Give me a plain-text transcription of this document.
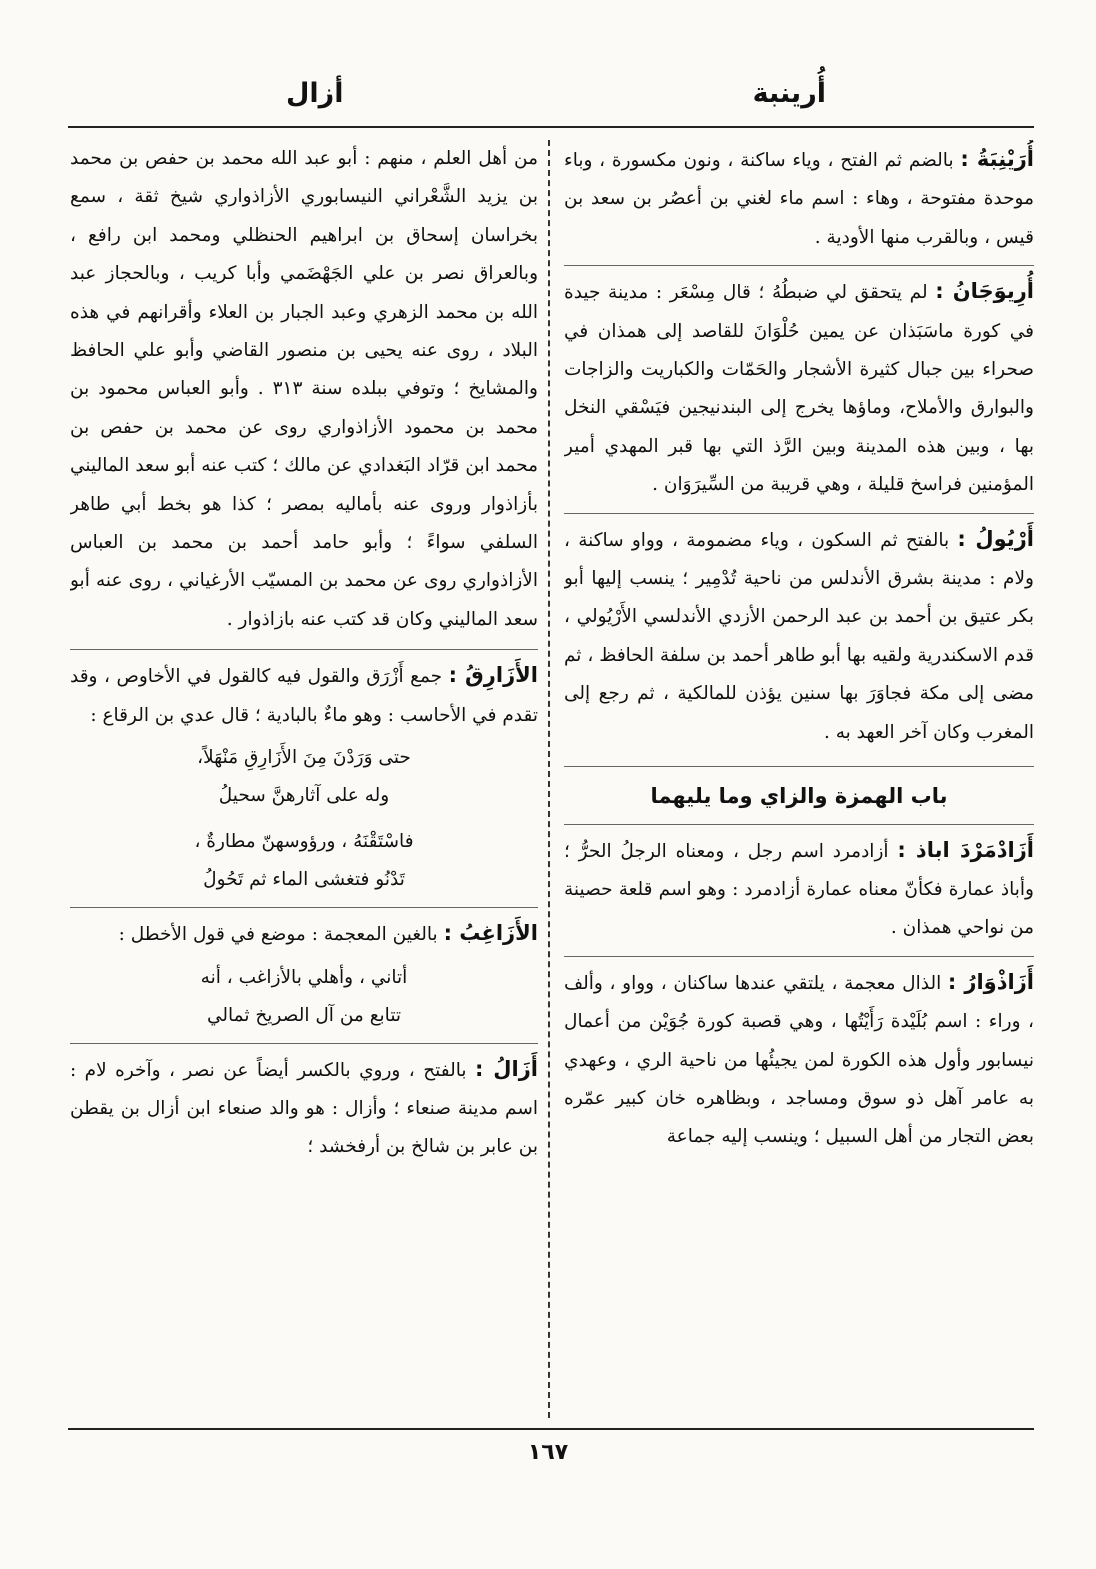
أُرينبة
أزال
أُرَيْنِبَةُ : بالضم ثم الفتح ، وياء ساكنة ، ونون مكسورة ، وباء موحدة مفتوحة ، وهاء : اسم ماء لغني بن أعصُر بن سعد بن قيس ، وبالقرب منها الأودية .
أُرِيوَجَانُ : لم يتحقق لي ضبطُهُ ؛ قال مِسْعَر : مدينة جيدة في كورة ماسَبَذان عن يمين حُلْوَانَ للقاصد إلى همذان في صحراء بين جبال كثيرة الأشجار والحَمّات والكباريت والزاجات والبوارق والأملاح، وماؤها يخرج إلى البندنيجين فيَسْقي النخل بها ، وبين هذه المدينة وبين الرَّذ التي بها قبر المهدي أمير المؤمنين فراسخ قليلة ، وهي قريبة من السِّيرَوَان .
أَرْيُولُ : بالفتح ثم السكون ، وياء مضمومة ، وواو ساكنة ، ولام : مدينة بشرق الأندلس من ناحية تُدْمِير ؛ ينسب إليها أبو بكر عتيق بن أحمد بن عبد الرحمن الأزدي الأندلسي الأَرْيُولي ، قدم الاسكندرية ولقيه بها أبو طاهر أحمد بن سلفة الحافظ ، ثم مضى إلى مكة فجاوَرَ بها سنين يؤذن للمالكية ، ثم رجع إلى المغرب وكان آخر العهد به .
باب الهمزة والزاي وما يليهما
أَزَادْمَرْدَ اباذ : أزادمرد اسم رجل ، ومعناه الرجلُ الحرُّ ؛ وأباذ عمارة فكأنّ معناه عمارة أزادمرد : وهو اسم قلعة حصينة من نواحي همذان .
أَزَاذْوَارُ : الذال معجمة ، يلتقي عندها ساكنان ، وواو ، وألف ، وراء : اسم بُلَيْدة رَأَيْتُها ، وهي قصبة كورة جُوَيْن من أعمال نيسابور وأول هذه الكورة لمن يجيئُها من ناحية الري ، وعهدي به عامر آهل ذو سوق ومساجد ، وبظاهره خان كبير عمّره بعض التجار من أهل السبيل ؛ وينسب إليه جماعة
من أهل العلم ، منهم : أبو عبد الله محمد بن حفص بن محمد بن يزيد الشَّعْراني النيسابوري الأزاذواري شيخ ثقة ، سمع بخراسان إسحاق بن ابراهيم الحنظلي ومحمد ابن رافع ، وبالعراق نصر بن علي الجَهْضَمي وأبا كريب ، وبالحجاز عبد الله بن محمد الزهري وعبد الجبار بن العلاء وأقرانهم في هذه البلاد ، روى عنه يحيى بن منصور القاضي وأبو علي الحافظ والمشايخ ؛ وتوفي ببلده سنة ٣١٣ . وأبو العباس محمود بن محمد بن محمود الأزاذواري روى عن محمد بن حفص بن محمد ابن قرّاد البَغدادي عن مالك ؛ كتب عنه أبو سعد الماليني بأزاذوار وروى عنه بأماليه بمصر ؛ كذا هو بخط أبي طاهر السلفي سواءً ؛ وأبو حامد أحمد بن محمد بن العباس الأزاذواري روى عن محمد بن المسيّب الأرغياني ، روى عنه أبو سعد الماليني وكان قد كتب عنه بازاذوار .
الأَزَارِقُ : جمع أَزْرَق والقول فيه كالقول في الأخاوص ، وقد تقدم في الأحاسب : وهو ماءٌ بالبادية ؛ قال عدي بن الرقاع :
حتى وَرَدْنَ مِنَ الأَزَارِقِ مَنْهَلاً،
وله على آثارهنَّ سحيلُ
فاسْتَقْنَهُ ، ورؤوسهنّ مطارةٌ ،
تَدْنُو فتغشى الماء ثم تَحُولُ
الأَزَاغِبُ : بالغين المعجمة : موضع في قول الأخطل :
أتاني ، وأهلي بالأزاغب ، أنه
تتابع من آل الصريخ ثمالي
أَزَالُ : بالفتح ، وروي بالكسر أيضاً عن نصر ، وآخره لام : اسم مدينة صنعاء ؛ وأزال : هو والد صنعاء ابن أزال بن يقطن بن عابر بن شالخ بن أرفخشد ؛
١٦٧
